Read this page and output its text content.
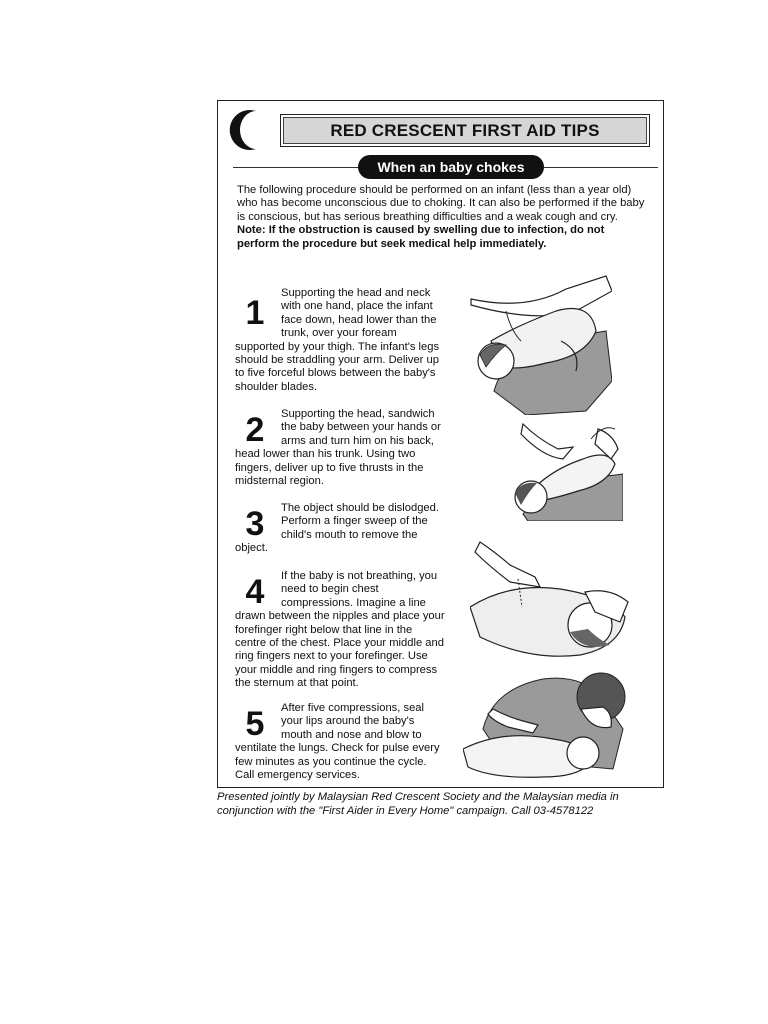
RED CRESCENT FIRST AID TIPS
When an baby chokes
The following procedure should be performed on an infant (less than a year old) who has become unconscious due to choking. It can also be performed if the baby is conscious, but has serious breathing difficulties and a weak cough and cry.
Note: If the obstruction is caused by swelling due to infection, do not perform the procedure but seek medical help immediately.
1
Supporting the head and neck with one hand, place the infant face down, head lower than the trunk, over your foream supported by your thigh. The infant's legs should be straddling your arm. Deliver up to five forceful blows between the baby's shoulder blades.
2	Supporting the head, sandwich the baby between your hands or arms and turn him on his back, head lower than his trunk. Using two fingers, deliver up to five thrusts in the midsternal region.
3	The object should be dislodged. Perform a finger sweep of the child's mouth to remove the object.
4	If the baby is not breathing, you need to begin chest compressions. Imagine a line drawn between the nipples and place your forefinger right below that line in the centre of the chest. Place your middle and ring fingers next to your forefinger. Use your middle and ring fingers to compress the sternum at that point.
5	After five compressions, seal your lips around the baby's mouth and nose and blow to ventilate the lungs. Check for pulse every few minutes as you continue the cycle. Call emergency services.
Presented jointly by Malaysian Red Crescent Society and the Malaysian media in conjunction with the "First Aider in Every Home" campaign. Call 03-4578122
